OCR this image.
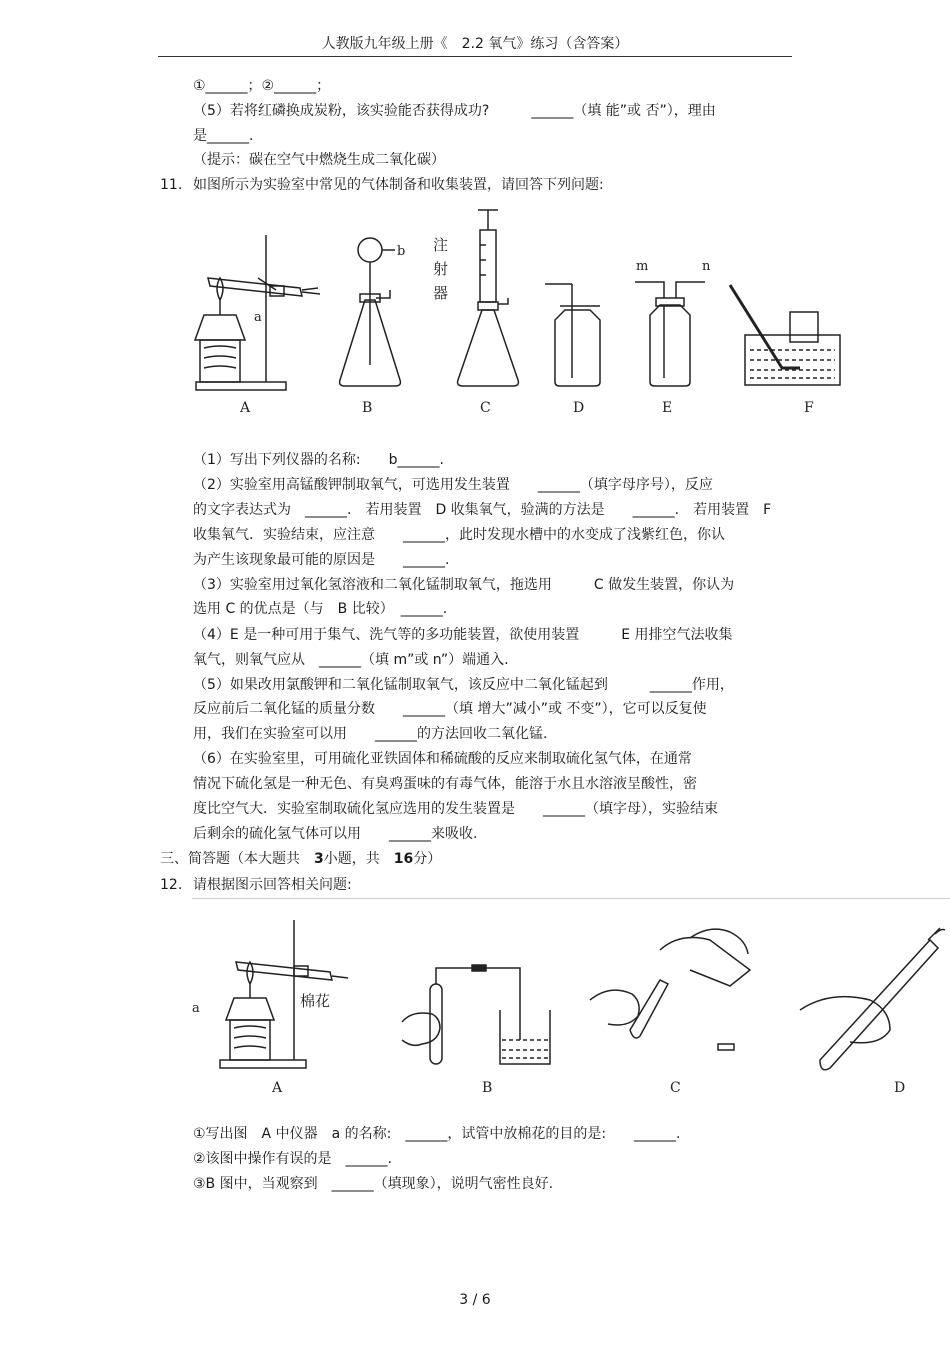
人教版九年级上册《　2.2 氧气》练习（含答案）
①______；②______；
（5）若将红磷换成炭粉，该实验能否获得成功?　　　______（填 能”或 否”），理由
是______.
（提示：碳在空气中燃烧生成二氧化碳）
11. 如图所示为实验室中常见的气体制备和收集装置，请回答下列问题:
a
b 注
射
器
m	n
A	B	C	D	E	F
（1）写出下列仪器的名称:　　b______.
（2）实验室用高锰酸钾制取氧气，可选用发生装置　　______（填字母序号），反应
的文字表达式为　______.　若用装置　D 收集氧气，验满的方法是　　______.　若用装置　F
收集氧气．实验结束，应注意　　______，此时发现水槽中的水变成了浅紫红色，你认
为产生该现象最可能的原因是　　______.
（3）实验室用过氧化氢溶液和二氧化锰制取氧气，拖选用　　　C 做发生装置，你认为
选用 C 的优点是（与　B 比较）　______.
（4）E 是一种可用于集气、洗气等的多功能装置，欲使用装置　　　E 用排空气法收集
氧气，则氧气应从　______（填 m”或 n”）端通入.
（5）如果改用氯酸钾和二氧化锰制取氧气，该反应中二氧化锰起到　　　______作用，
反应前后二氧化锰的质量分数　　______（填 增大”减小”或 不变”），它可以反复使
用，我们在实验室可以用　　______的方法回收二氧化锰.
（6）在实验室里，可用硫化亚铁固体和稀硫酸的反应来制取硫化氢气体，在通常
情况下硫化氢是一种无色、有臭鸡蛋味的有毒气体，能溶于水且水溶液呈酸性，密
度比空气大．实验室制取硫化氢应选用的发生装置是　　______（填字母），实验结束
后剩余的硫化氢气体可以用　　______来吸收.
三、简答题（本大题共　3小题，共　16分）
12. 请根据图示回答相关问题:
a	棉花
A	B	C	D
①写出图　A 中仪器　a 的名称:　______，试管中放棉花的目的是:　　______.
②该图中操作有误的是　______.
③B 图中，当观察到　______（填现象），说明气密性良好.
3 / 6
